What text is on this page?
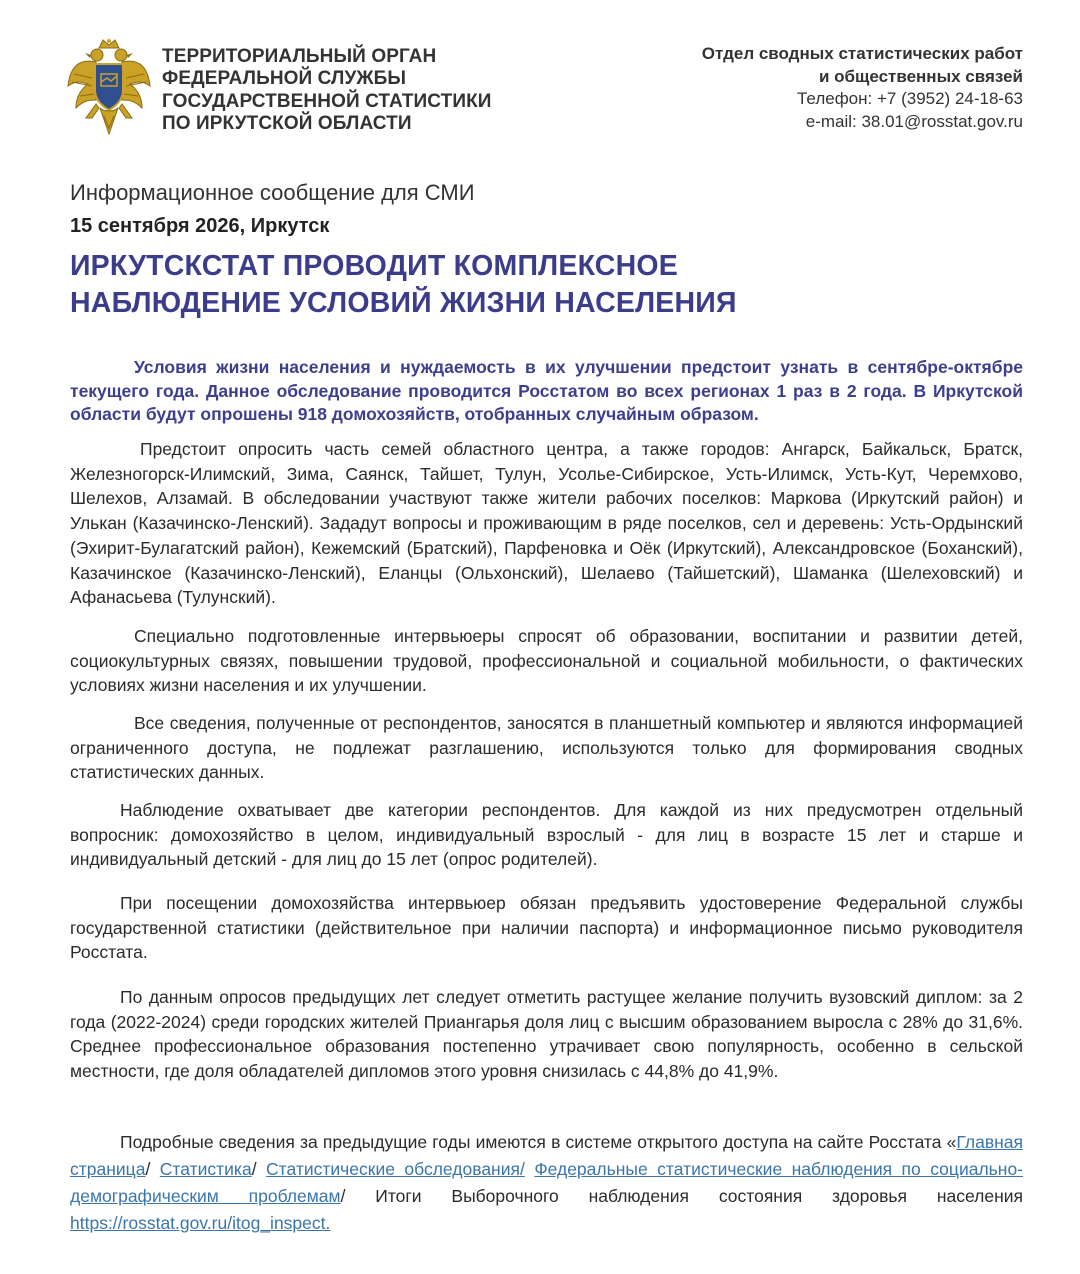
ТЕРРИТОРИАЛЬНЫЙ ОРГАН
ФЕДЕРАЛЬНОЙ СЛУЖБЫ
ГОСУДАРСТВЕННОЙ СТАТИСТИКИ
ПО ИРКУТСКОЙ ОБЛАСТИ
Отдел сводных статистических работ
и общественных связей
Телефон: +7 (3952) 24-18-63
e-mail: 38.01@rosstat.gov.ru
Информационное сообщение для СМИ
15 сентября 2026, Иркутск
ИРКУТСКСТАТ ПРОВОДИТ КОМПЛЕКСНОЕ
НАБЛЮДЕНИЕ УСЛОВИЙ ЖИЗНИ НАСЕЛЕНИЯ

Условия жизни населения и нуждаемость в их улучшении предстоит узнать в сентябре-октябре текущего года. Данное обследование проводится Росстатом во всех регионах 1 раз в 2 года. В Иркутской области будут опрошены 918 домохозяйств, отобранных случайным образом.

Предстоит опросить часть семей областного центра, а также городов: Ангарск, Байкальск, Братск, Железногорск-Илимский, Зима, Саянск, Тайшет, Тулун, Усолье-Сибирское, Усть-Илимск, Усть-Кут, Черемхово, Шелехов, Алзамай. В обследовании участвуют также жители рабочих поселков: Маркова (Иркутский район) и Улькан (Казачинско-Ленский). Зададут вопросы и проживающим в ряде поселков, сел и деревень: Усть-Ордынский (Эхирит-Булагатский район), Кежемский (Братский), Парфеновка и Оёк (Иркутский), Александровское (Боханский), Казачинское (Казачинско-Ленский), Еланцы (Ольхонский), Шелаево (Тайшетский), Шаманка (Шелеховский) и Афанасьева (Тулунский).

Специально подготовленные интервьюеры спросят об образовании, воспитании и развитии детей, социокультурных связях, повышении трудовой, профессиональной и социальной мобильности, о фактических условиях жизни населения и их улучшении.

Все сведения, полученные от респондентов, заносятся в планшетный компьютер и являются информацией ограниченного доступа, не подлежат разглашению, используются только для формирования сводных статистических данных.

Наблюдение охватывает две категории респондентов. Для каждой из них предусмотрен отдельный вопросник: домохозяйство в целом, индивидуальный взрослый - для лиц в возрасте 15 лет и старше и индивидуальный детский - для лиц до 15 лет (опрос родителей).

При посещении домохозяйства интервьюер обязан предъявить удостоверение Федеральной службы государственной статистики (действительное при наличии паспорта) и информационное письмо руководителя Росстата.

По данным опросов предыдущих лет следует отметить растущее желание получить вузовский диплом: за 2 года (2022-2024) среди городских жителей Приангарья доля лиц с высшим образованием выросла с 28% до 31,6%. Среднее профессиональное образования постепенно утрачивает свою популярность, особенно в сельской местности, где доля обладателей дипломов этого уровня снизилась с 44,8% до 41,9%.

Подробные сведения за предыдущие годы имеются в системе открытого доступа на сайте Росстата «Главная страница/ Статистика/ Статистические обследования/ Федеральные статистические наблюдения по социально-демографическим проблемам/ Итоги Выборочного наблюдения состояния здоровья населения https://rosstat.gov.ru/itog_inspect.
